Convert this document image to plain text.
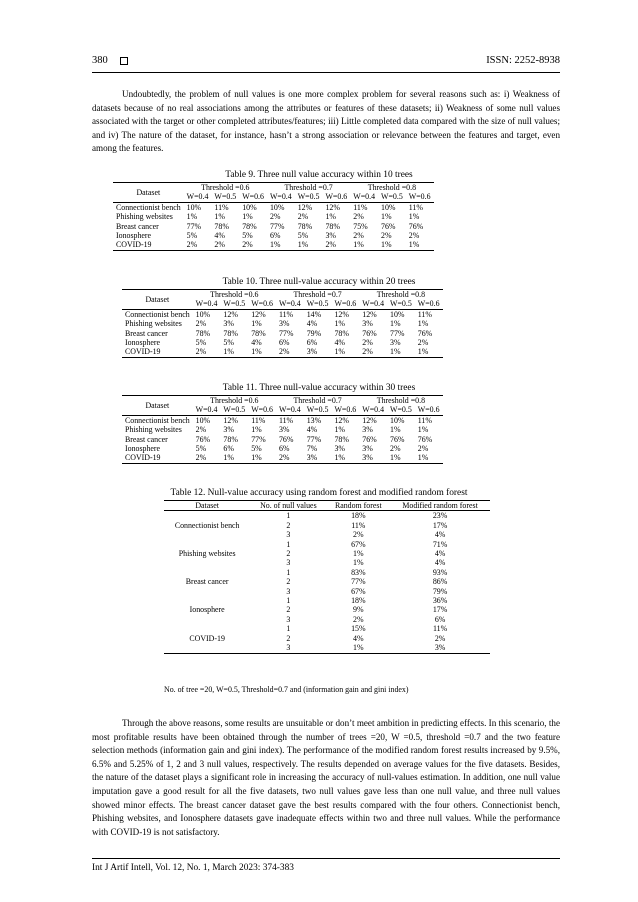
380	ISSN: 2252-8938

Undoubtedly, the problem of null values is one more complex problem for several reasons such as: i) Weakness of datasets because of no real associations among the attributes or features of these datasets; ii) Weakness of some null values associated with the target or other completed attributes/features; iii) Little completed data compared with the size of null values; and iv) The nature of the dataset, for instance, hasn’t a strong association or relevance between the features and target, even among the features.

Table 9. Three null value accuracy within 10 trees
Dataset	Threshold =0.6			Threshold =0.7			Threshold =0.8		
	W=0.4	W=0.5	W=0.6	W=0.4	W=0.5	W=0.6	W=0.4	W=0.5	W=0.6
Connectionist bench	10%	11%	10%	10%	12%	12%	11%	10%	11%
Phishing websites	1%	1%	1%	2%	2%	1%	2%	1%	1%
Breast cancer	77%	78%	78%	77%	78%	78%	75%	76%	76%
Ionosphere	5%	4%	5%	6%	5%	3%	2%	2%	2%
COVID-19	2%	2%	2%	1%	1%	2%	1%	1%	1%
Table 10. Three null-value accuracy within 20 trees
Dataset	Threshold =0.6			Threshold =0.7			Threshold =0.8		
	W=0.4	W=0.5	W=0.6	W=0.4	W=0.5	W=0.6	W=0.4	W=0.5	W=0.6
Connectionist bench	10%	12%	12%	11%	14%	12%	12%	10%	11%
Phishing websites	2%	3%	1%	3%	4%	1%	3%	1%	1%
Breast cancer	78%	78%	78%	77%	79%	78%	76%	77%	76%
Ionosphere	5%	5%	4%	6%	6%	4%	2%	3%	2%
COVID-19	2%	1%	1%	2%	3%	1%	2%	1%	1%
Table 11. Three null-value accuracy within 30 trees
Dataset	Threshold =0.6			Threshold =0.7			Threshold =0.8		
	W=0.4	W=0.5	W=0.6	W=0.4	W=0.5	W=0.6	W=0.4	W=0.5	W=0.6
Connectionist bench	10%	12%	11%	11%	13%	12%	12%	10%	11%
Phishing websites	2%	3%	1%	3%	4%	1%	3%	1%	1%
Breast cancer	76%	78%	77%	76%	77%	78%	76%	76%	76%
Ionosphere	5%	6%	5%	6%	7%	3%	3%	2%	2%
COVID-19	2%	1%	1%	2%	3%	1%	3%	1%	1%
Table 12. Null-value accuracy using random forest and modified random forest
Dataset	No. of null values	Random forest	Modified random forest
Connectionist bench	1	18%	23%
	2	11%	17%
	3	2%	4%
Phishing websites	1	67%	71%
	2	1%	4%
	3	1%	4%
Breast cancer	1	83%	93%
	2	77%	86%
	3	67%	79%
Ionosphere	1	18%	36%
	2	9%	17%
	3	2%	6%
COVID-19	1	15%	11%
	2	4%	2%
	3	1%	3%
No. of tree =20, W=0.5, Threshold=0.7 and (information gain and gini index)

Through the above reasons, some results are unsuitable or don’t meet ambition in predicting effects. In this scenario, the most profitable results have been obtained through the number of trees =20, W =0.5, threshold =0.7 and the two feature selection methods (information gain and gini index). The performance of the modified random forest results increased by 9.5%, 6.5% and 5.25% of 1, 2 and 3 null values, respectively. The results depended on average values for the five datasets. Besides, the nature of the dataset plays a significant role in increasing the accuracy of null-values estimation. In addition, one null value imputation gave a good result for all the five datasets, two null values gave less than one null value, and three null values showed minor effects. The breast cancer dataset gave the best results compared with the four others. Connectionist bench, Phishing websites, and Ionosphere datasets gave inadequate effects within two and three null values. While the performance with COVID-19 is not satisfactory.

Int J Artif Intell, Vol. 12, No. 1, March 2023: 374-383
